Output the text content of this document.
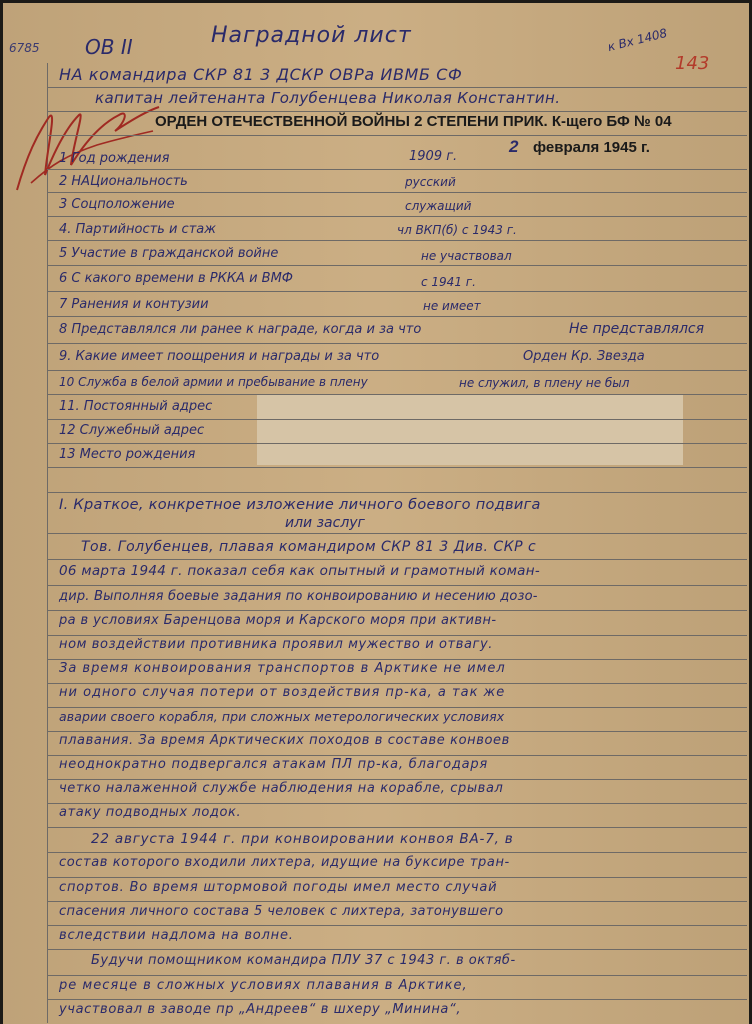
6785 ОВ II	Наградной лист	к Вх 1408
143
НА командира СКР 81 3 ДСКР ОВРа ИВМБ СФ
капитан лейтенанта Голубенцева Николая Константин.
ОРДЕН ОТЕЧЕСТВЕННОЙ ВОЙНЫ 2 СТЕПЕНИ ПРИК. К-щего БФ № 04
2 февраля 1945 г.
1 Год рождения	1909 г.
2 НАЦиональность	русский
3 Соцположение	служащий
4. Партийность и стаж	чл ВКП(б) с 1943 г.
5 Участие в гражданской войне	не участвовал
6 С какого времени в РККА и ВМФ	с 1941 г.
7 Ранения и контузии	не имеет
8 Представлялся ли ранее к награде, когда и за что	Не представлялся
9. Какие имеет поощрения и награды и за что	Орден Кр. Звезда
10 Служба в белой армии и пребывание в плену	не служил, в плену не был
11. Постоянный адрес
12 Служебный адрес
13 Место рождения
I. Краткое, конкретное изложение личного боевого подвига
или заслуг
Тов. Голубенцев, плавая командиром СКР 81 3 Див. СКР с
06 марта 1944 г. показал себя как опытный и грамотный коман-
дир. Выполняя боевые задания по конвоированию и несению дозо-
ра в условиях Баренцова моря и Карского моря при активн-
ном воздействии противника проявил мужество и отвагу.
За время конвоирования транспортов в Арктике не имел
ни одного случая потери от воздействия пр-ка, а так же
аварии своего корабля, при сложных метерологических условиях
плавания. За время Арктических походов в составе конвоев
неоднократно подвергался атакам ПЛ пр-ка, благодаря
четко налаженной службе наблюдения на корабле, срывал
атаку подводных лодок.
22 августа 1944 г. при конвоировании конвоя ВА-7, в
состав которого входили лихтера, идущие на буксире тран-
спортов. Во время штормовой погоды имел место случай
спасения личного состава 5 человек с лихтера, затонувшего
вследствии надлома на волне.
Будучи помощником командира ПЛУ 37 с 1943 г. в октяб-
ре месяце в сложных условиях плавания в Арктике,
участвовал в заводе пр „Андреев“ в шхеру „Минина“,
